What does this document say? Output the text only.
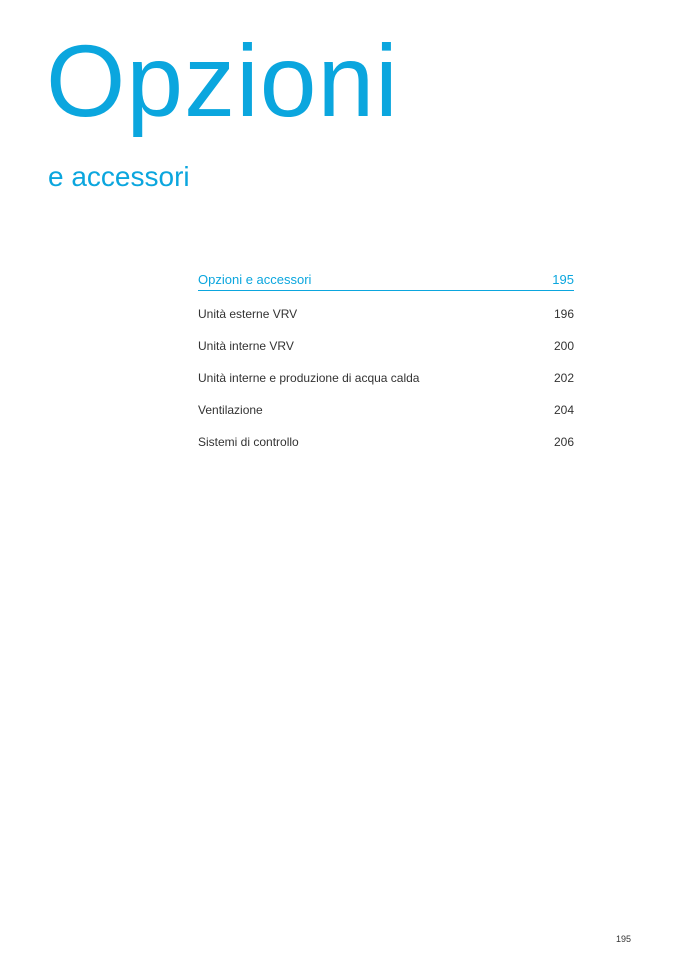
Opzioni
e accessori
Opzioni e accessori	195
Unità esterne VRV	196
Unità interne VRV	200
Unità interne e produzione di acqua calda	202
Ventilazione	204
Sistemi di controllo	206
195
